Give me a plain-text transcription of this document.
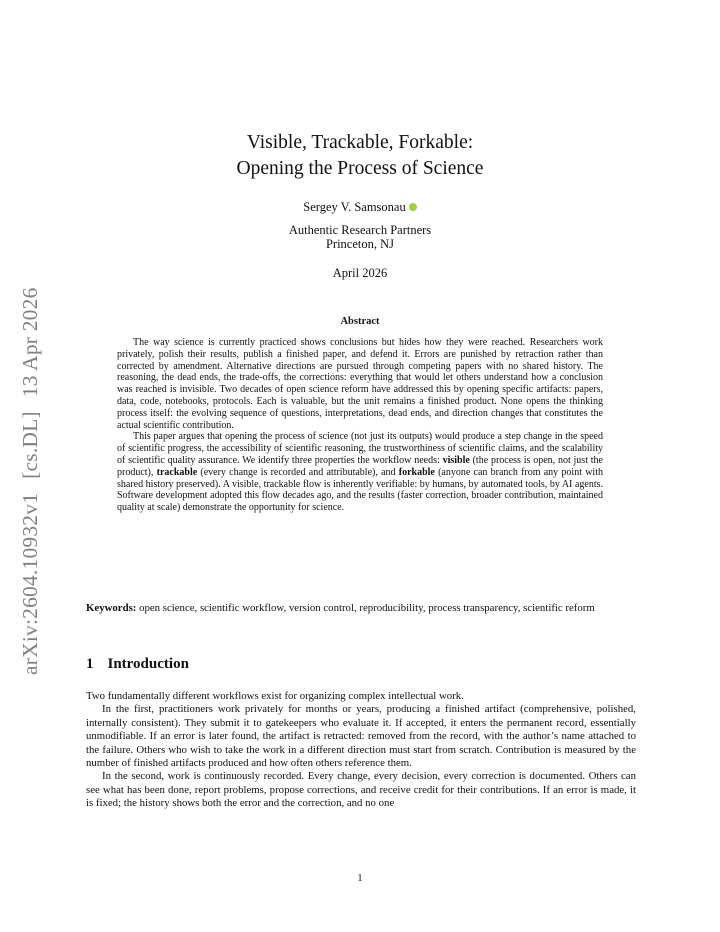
arXiv:2604.10932v1[cs.DL]13 Apr 2026
Visible, Trackable, Forkable:
Opening the Process of Science
Sergey V. Samsonau
Authentic Research Partners
Princeton, NJ
April 2026
Abstract

The way science is currently practiced shows conclusions but hides how they were reached. Researchers work privately, polish their results, publish a finished paper, and defend it. Errors are punished by retraction rather than corrected by amendment. Alternative directions are pursued through competing papers with no shared history. The reasoning, the dead ends, the trade-offs, the corrections: everything that would let others understand how a conclusion was reached is invisible. Two decades of open science reform have addressed this by opening specific artifacts: papers, data, code, notebooks, protocols. Each is valuable, but the unit remains a finished product. None opens the thinking process itself: the evolving sequence of questions, interpretations, dead ends, and direction changes that constitutes the actual scientific contribution.

This paper argues that opening the process of science (not just its outputs) would produce a step change in the speed of scientific progress, the accessibility of scientific reasoning, the trustworthiness of scientific claims, and the scalability of scientific quality assurance. We identify three properties the workflow needs: visible (the process is open, not just the product), trackable (every change is recorded and attributable), and forkable (anyone can branch from any point with shared history preserved). A visible, trackable flow is inherently verifiable: by humans, by automated tools, by AI agents. Software development adopted this flow decades ago, and the results (faster correction, broader contribution, maintained quality at scale) demonstrate the opportunity for science.

Keywords: open science, scientific workflow, version control, reproducibility, process transparency, scientific reform
1 Introduction

Two fundamentally different workflows exist for organizing complex intellectual work.

In the first, practitioners work privately for months or years, producing a finished artifact (comprehensive, polished, internally consistent). They submit it to gatekeepers who evaluate it. If accepted, it enters the permanent record, essentially unmodifiable. If an error is later found, the artifact is retracted: removed from the record, with the author’s name attached to the failure. Others who wish to take the work in a different direction must start from scratch. Contribution is measured by the number of finished artifacts produced and how often others reference them.

In the second, work is continuously recorded. Every change, every decision, every correction is documented. Others can see what has been done, report problems, propose corrections, and receive credit for their contributions. If an error is made, it is fixed; the history shows both the error and the correction, and no one

1
